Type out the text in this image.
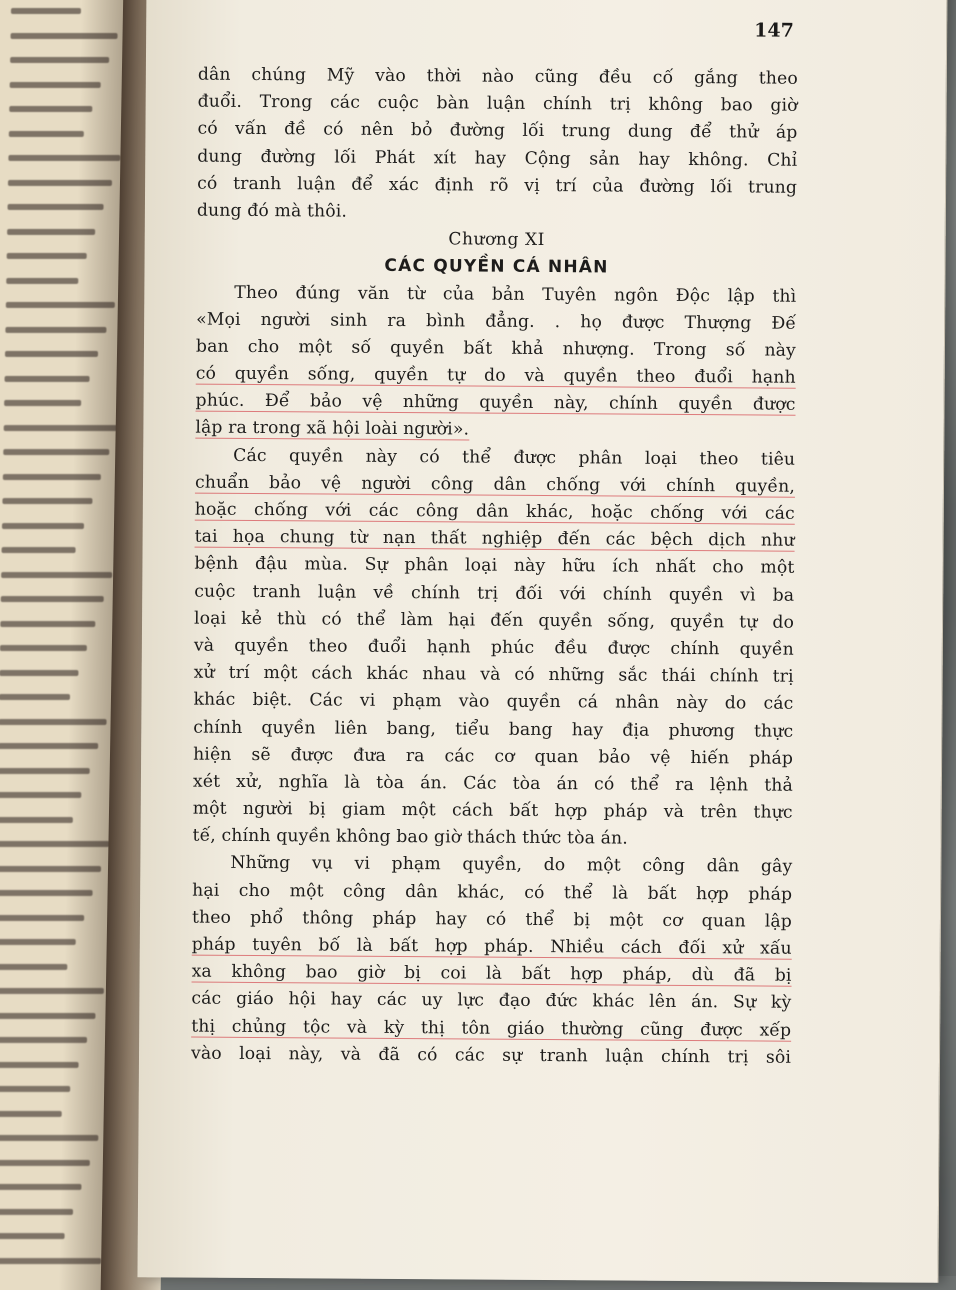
147
dân chúng Mỹ vào thời nào cũng đều cố gắng theo
đuổi. Trong các cuộc bàn luận chính trị không bao giờ
có vấn đề có nên bỏ đường lối trung dung để thử áp
dung đường lối Phát xít hay Cộng sản hay không. Chỉ
có tranh luận để xác định rõ vị trí của đường lối trung
dung đó mà thôi.
Chương XI
CÁC QUYỀN CÁ NHÂN
Theo đúng văn từ của bản Tuyên ngôn Độc lập thì
«Mọi người sinh ra bình đẳng. . họ được Thượng Đế
ban cho một số quyền bất khả nhượng. Trong số này
có quyền sống, quyền tự do và quyền theo đuổi hạnh
phúc. Để bảo vệ những quyền này, chính quyền được
lập ra trong xã hội loài người».
Các quyền này có thể được phân loại theo tiêu
chuẩn bảo vệ người công dân chống với chính quyền,
hoặc chống với các công dân khác, hoặc chống với các
tai họa chung từ nạn thất nghiệp đến các bệch dịch như
bệnh đậu mùa. Sự phân loại này hữu ích nhất cho một
cuộc tranh luận về chính trị đối với chính quyền vì ba
loại kẻ thù có thể làm hại đến quyền sống, quyền tự do
và quyền theo đuổi hạnh phúc đều được chính quyền
xử trí một cách khác nhau và có những sắc thái chính trị
khác biệt. Các vi phạm vào quyền cá nhân này do các
chính quyền liên bang, tiểu bang hay địa phương thực
hiện sẽ được đưa ra các cơ quan bảo vệ hiến pháp
xét xử, nghĩa là tòa án. Các tòa án có thể ra lệnh thả
một người bị giam một cách bất hợp pháp và trên thực
tế, chính quyền không bao giờ thách thức tòa án.
Những vụ vi phạm quyền, do một công dân gây
hại cho một công dân khác, có thể là bất hợp pháp
theo phổ thông pháp hay có thể bị một cơ quan lập
pháp tuyên bố là bất hợp pháp. Nhiều cách đối xử xấu
xa không bao giờ bị coi là bất hợp pháp, dù đã bị
các giáo hội hay các uy lực đạo đức khác lên án. Sự kỳ
thị chủng tộc và kỳ thị tôn giáo thường cũng được xếp
vào loại này, và đã có các sự tranh luận chính trị sôi
